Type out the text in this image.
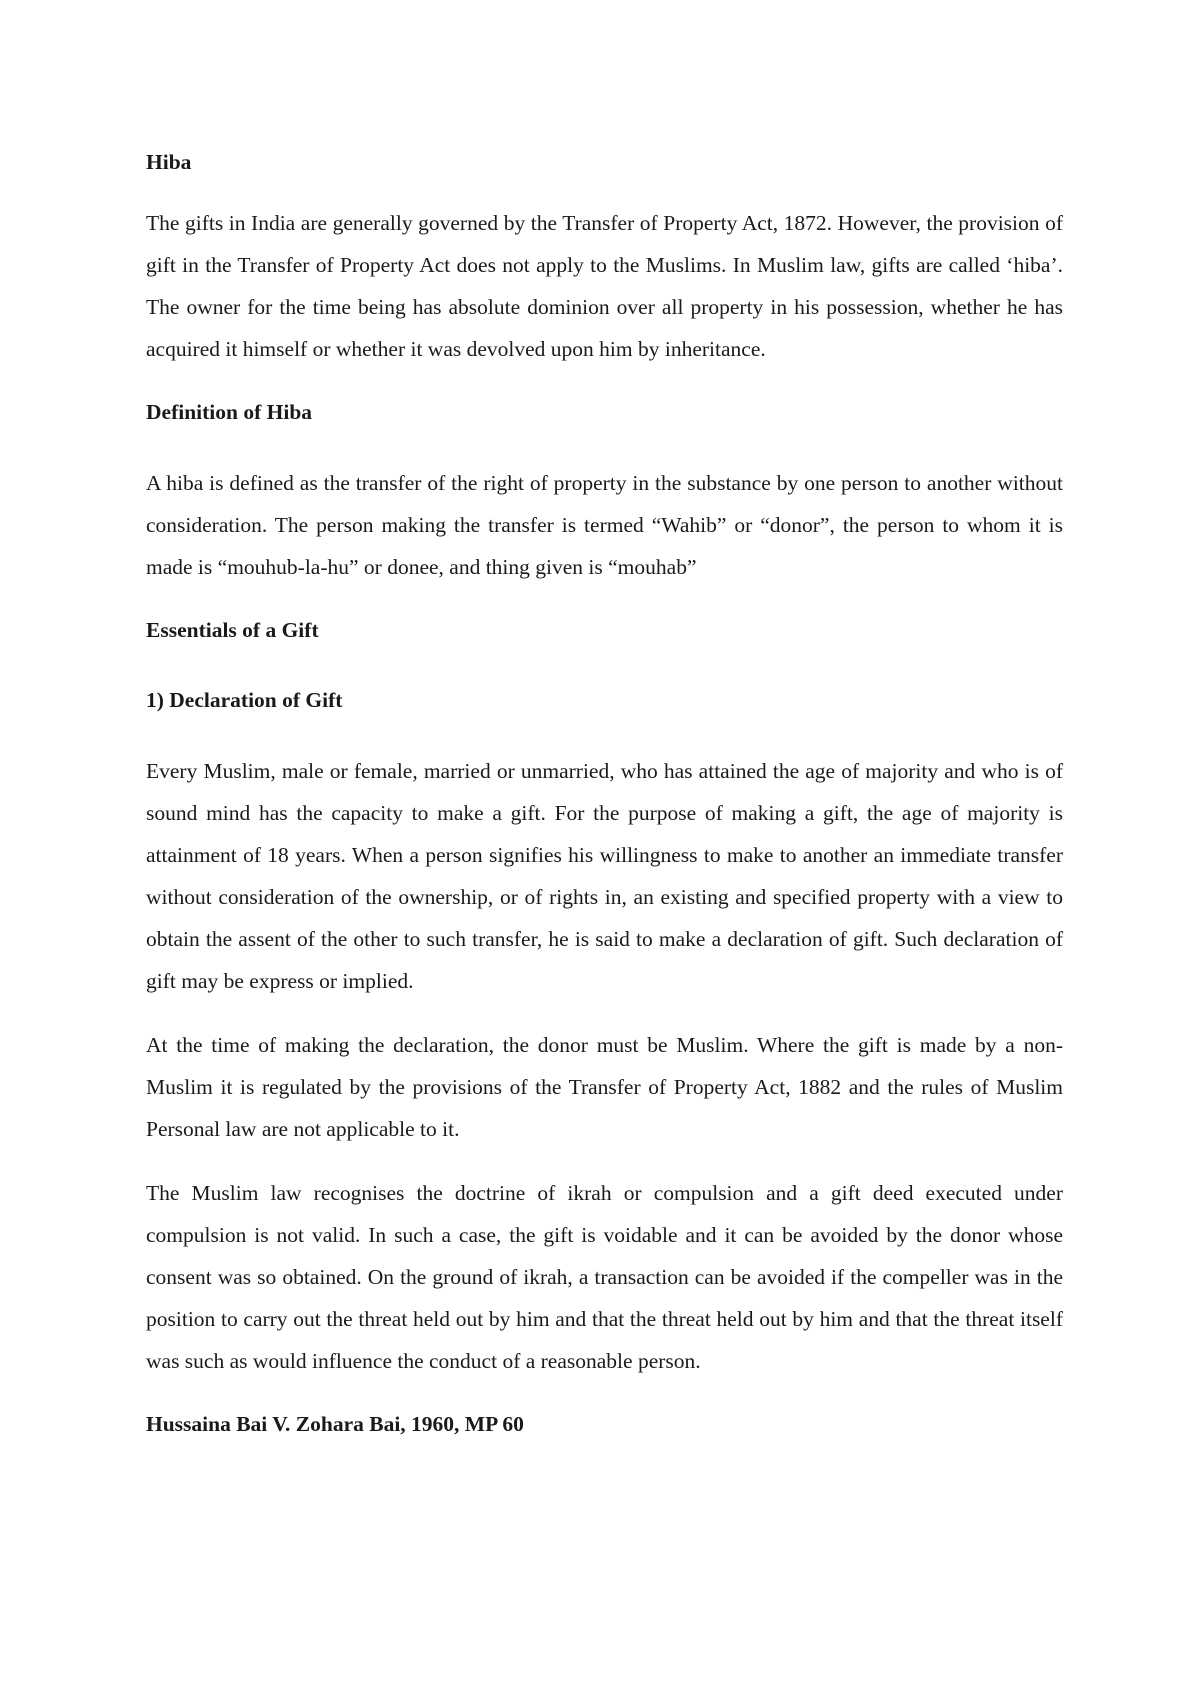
Hiba

The gifts in India are generally governed by the Transfer of Property Act, 1872. However, the provision of gift in the Transfer of Property Act does not apply to the Muslims. In Muslim law, gifts are called ‘hiba’. The owner for the time being has absolute dominion over all property in his possession, whether he has acquired it himself or whether it was devolved upon him by inheritance.

Definition of Hiba

A hiba is defined as the transfer of the right of property in the substance by one person to another without consideration. The person making the transfer is termed “Wahib” or “donor”, the person to whom it is made is “mouhub-la-hu” or donee, and thing given is “mouhab”

Essentials of a Gift

1) Declaration of Gift

Every Muslim, male or female, married or unmarried, who has attained the age of majority and who is of sound mind has the capacity to make a gift. For the purpose of making a gift, the age of majority is attainment of 18 years. When a person signifies his willingness to make to another an immediate transfer without consideration of the ownership, or of rights in, an existing and specified property with a view to obtain the assent of the other to such transfer, he is said to make a declaration of gift. Such declaration of gift may be express or implied.

At the time of making the declaration, the donor must be Muslim. Where the gift is made by a non-Muslim it is regulated by the provisions of the Transfer of Property Act, 1882 and the rules of Muslim Personal law are not applicable to it.

The Muslim law recognises the doctrine of ikrah or compulsion and a gift deed executed under compulsion is not valid. In such a case, the gift is voidable and it can be avoided by the donor whose consent was so obtained. On the ground of ikrah, a transaction can be avoided if the compeller was in the position to carry out the threat held out by him and that the threat held out by him and that the threat itself was such as would influence the conduct of a reasonable person.

Hussaina Bai V. Zohara Bai, 1960, MP 60
